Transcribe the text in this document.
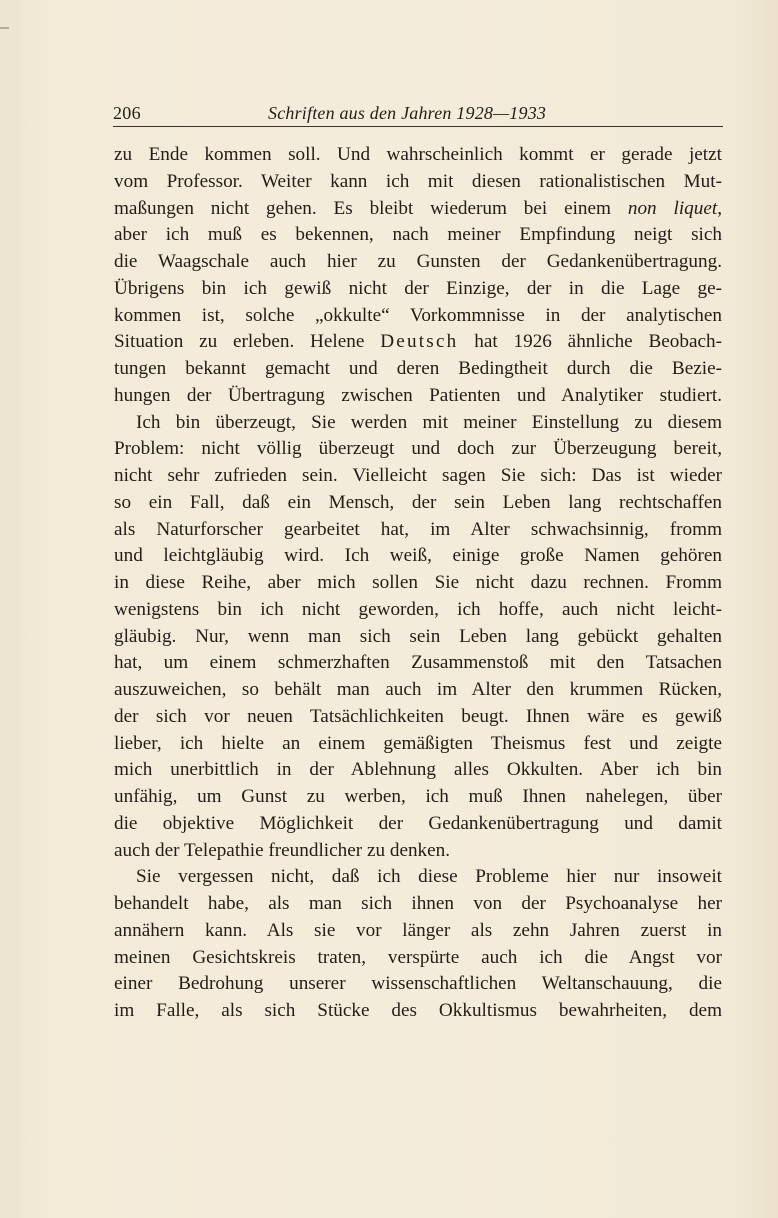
206	Schriften aus den Jahren 1928—1933
zu Ende kommen soll. Und wahrscheinlich kommt er gerade jetzt
vom Professor. Weiter kann ich mit diesen rationalistischen Mut-
maßungen nicht gehen. Es bleibt wiederum bei einem non liquet,
aber ich muß es bekennen, nach meiner Empfindung neigt sich
die Waagschale auch hier zu Gunsten der Gedankenübertragung.
Übrigens bin ich gewiß nicht der Einzige, der in die Lage ge-
kommen ist, solche „okkulte“ Vorkommnisse in der analytischen
Situation zu erleben. Helene Deutsch hat 1926 ähnliche Beobach-
tungen bekannt gemacht und deren Bedingtheit durch die Bezie-
hungen der Übertragung zwischen Patienten und Analytiker studiert.
Ich bin überzeugt, Sie werden mit meiner Einstellung zu diesem
Problem: nicht völlig überzeugt und doch zur Überzeugung bereit,
nicht sehr zufrieden sein. Vielleicht sagen Sie sich: Das ist wieder
so ein Fall, daß ein Mensch, der sein Leben lang rechtschaffen
als Naturforscher gearbeitet hat, im Alter schwachsinnig, fromm
und leichtgläubig wird. Ich weiß, einige große Namen gehören
in diese Reihe, aber mich sollen Sie nicht dazu rechnen. Fromm
wenigstens bin ich nicht geworden, ich hoffe, auch nicht leicht-
gläubig. Nur, wenn man sich sein Leben lang gebückt gehalten
hat, um einem schmerzhaften Zusammenstoß mit den Tatsachen
auszuweichen, so behält man auch im Alter den krummen Rücken,
der sich vor neuen Tatsächlichkeiten beugt. Ihnen wäre es gewiß
lieber, ich hielte an einem gemäßigten Theismus fest und zeigte
mich unerbittlich in der Ablehnung alles Okkulten. Aber ich bin
unfähig, um Gunst zu werben, ich muß Ihnen nahelegen, über
die objektive Möglichkeit der Gedankenübertragung und damit
auch der Telepathie freundlicher zu denken.
Sie vergessen nicht, daß ich diese Probleme hier nur insoweit
behandelt habe, als man sich ihnen von der Psychoanalyse her
annähern kann. Als sie vor länger als zehn Jahren zuerst in
meinen Gesichtskreis traten, verspürte auch ich die Angst vor
einer Bedrohung unserer wissenschaftlichen Weltanschauung, die
im Falle, als sich Stücke des Okkultismus bewahrheiten, dem
